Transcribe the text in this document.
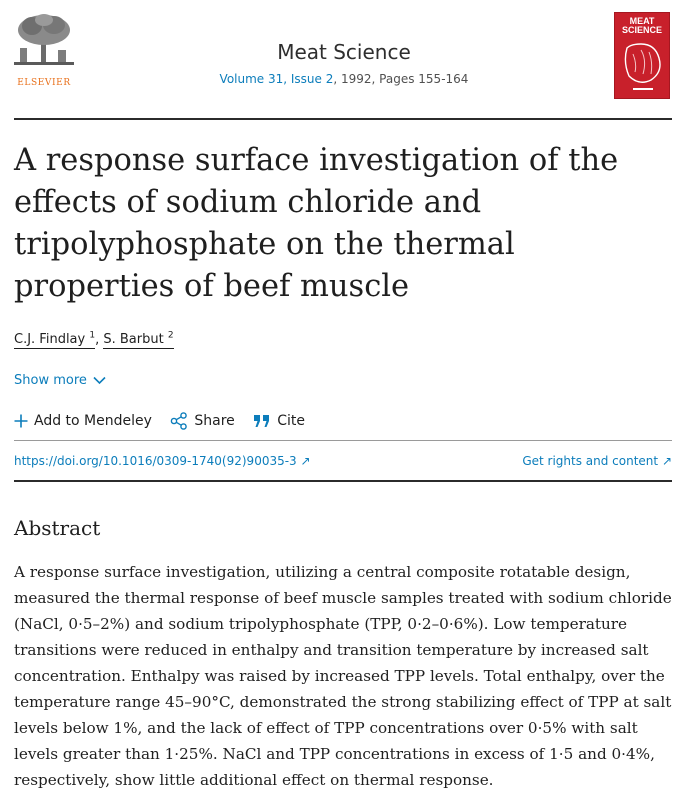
ELSEVIER
Meat Science
Volume 31, Issue 2, 1992, Pages 155-164
MEAT
SCIENCE
A response surface investigation of the effects of sodium chloride and tripolyphosphate on the thermal properties of beef muscle
C.J. Findlay $^1$, S. Barbut $^2$
Show more
Add to Mendeley	Share	Cite
https://doi.org/10.1016/0309-1740(92)90035-3 ↗	Get rights and content ↗
Abstract

A response surface investigation, utilizing a central composite rotatable design, measured the thermal response of beef muscle samples treated with sodium chloride (NaCl, 0·5–2%) and sodium tripolyphosphate (TPP, 0·2–0·6%). Low temperature transitions were reduced in enthalpy and transition temperature by increased salt concentration. Enthalpy was raised by increased TPP levels. Total enthalpy, over the temperature range 45–90°C, demonstrated the strong stabilizing effect of TPP at salt levels below 1%, and the lack of effect of TPP concentrations over 0·5% with salt levels greater than 1·25%. NaCl and TPP concentrations in excess of 1·5 and 0·4%, respectively, show little additional effect on thermal response.
